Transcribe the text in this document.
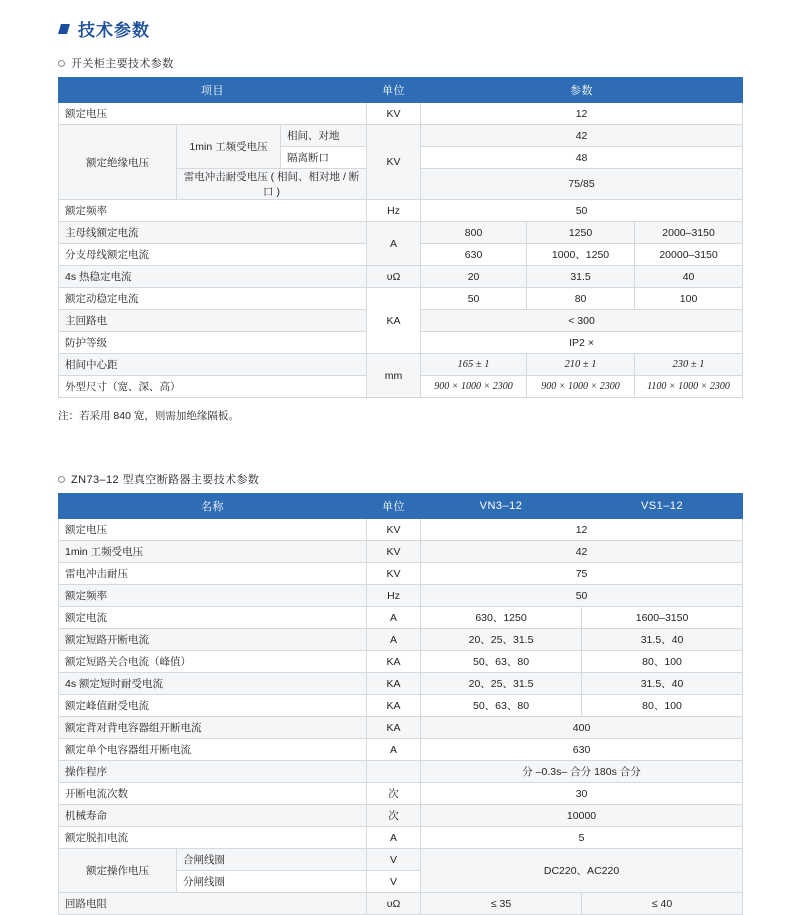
技术参数
开关柜主要技术参数
项目			单位	参数		
额定电压			KV	12		

额定绝缘电压	1min 工频受电压	相间、对地	KV	42		
		隔离断口		48		
	雷电冲击耐受电压 ( 相间、相对地 / 断口 )			75/85		
额定频率			Hz	50		
主母线额定电流			A	800	1250	2000–3150
分支母线额定电流				630	1000、1250	20000–3150
4s 热稳定电流			υΩ	20	31.5	40
额定动稳定电流			KA	50	80	100
主回路电				< 300		
防护等级				IP2 ×		
相间中心距			mm	165 ± 1	210 ± 1	230 ± 1
外型尺寸（宽、深、高）				900 × 1000 × 2300	900 × 1000 × 2300	1100 × 1000 × 2300
注：若采用 840 宽，则需加绝缘隔板。
ZN73–12 型真空断路器主要技术参数
名称		单位	VN3–12	VS1–12
额定电压		KV	12	
1min 工频受电压		KV	42	
雷电冲击耐压		KV	75	
额定频率		Hz	50	
额定电流		A	630、1250	1600–3150
额定短路开断电流		A	20、25、31.5	31.5、40
额定短路关合电流（峰值）		KA	50、63、80	80、100
4s 额定短时耐受电流		KA	20、25、31.5	31.5、40
额定峰值耐受电流		KA	50、63、80	80、100
额定背对背电容器组开断电流		KA	400	
额定单个电容器组开断电流		A	630	
操作程序			分 –0.3s– 合分 180s 合分	
开断电流次数		次	30	
机械寿命		次	10000	
额定脱扣电流		A	5	
额定操作电压	合闸线圈	V	DC220、AC220	
	分闸线圈	V		
回路电阻		υΩ	≤ 35	≤ 40
